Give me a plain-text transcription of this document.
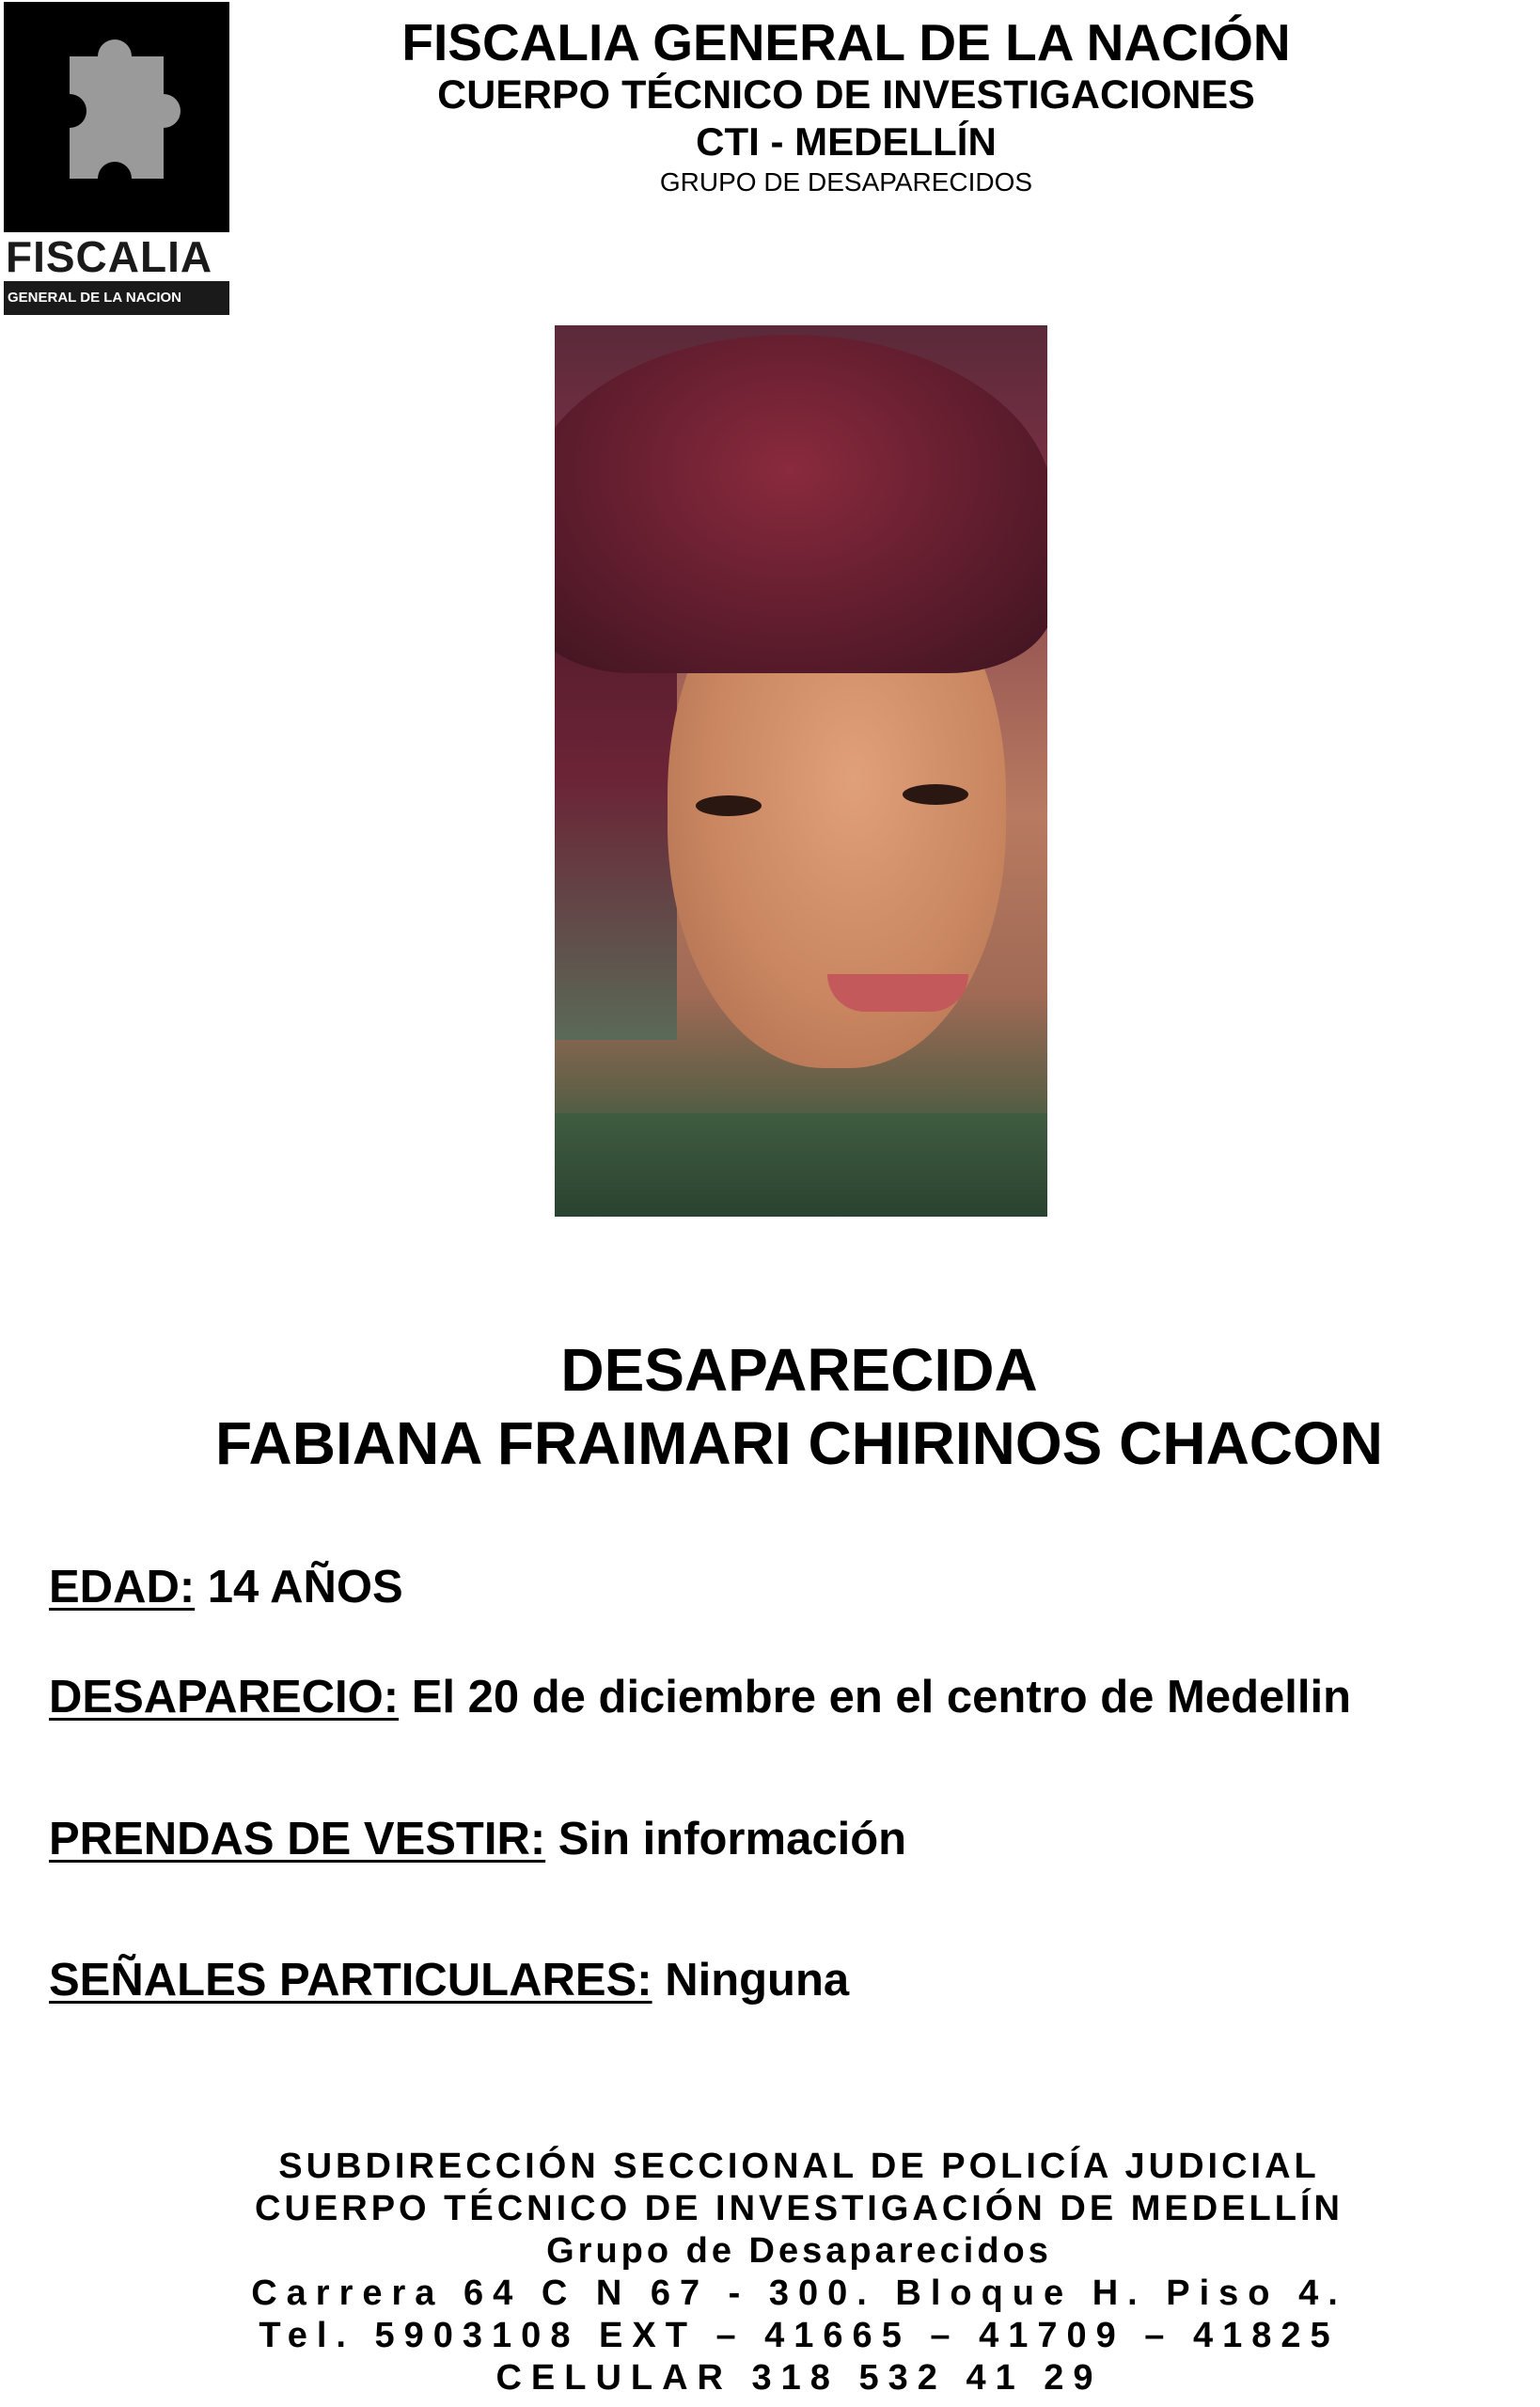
FISCALIA
GENERAL DE LA NACION
FISCALIA GENERAL DE LA NACIÓN
CUERPO TÉCNICO DE INVESTIGACIONES
CTI - MEDELLÍN
GRUPO DE DESAPARECIDOS
DESAPARECIDA
FABIANA FRAIMARI CHIRINOS CHACON
EDAD: 14 AÑOS
DESAPARECIO: El 20 de diciembre en el centro de Medellin
PRENDAS DE VESTIR: Sin información
SEÑALES PARTICULARES: Ninguna
SUBDIRECCIÓN SECCIONAL DE POLICÍA JUDICIAL
CUERPO TÉCNICO DE INVESTIGACIÓN DE MEDELLÍN
Grupo de Desaparecidos
Carrera 64 C N 67 - 300. Bloque H. Piso 4.
Tel. 5903108 EXT – 41665 – 41709 – 41825
CELULAR 318 532 41 29
